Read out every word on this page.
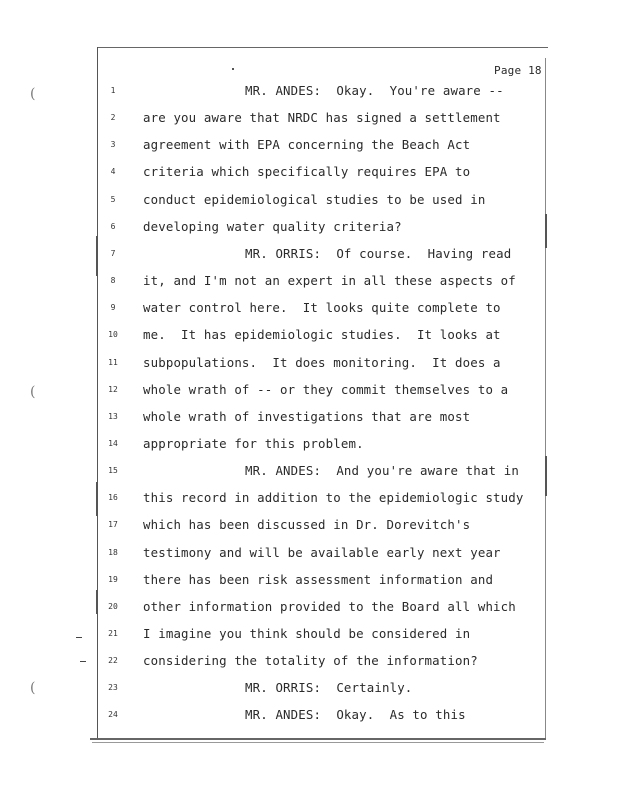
(
(
(
Page 18
1	MR. ANDES:  Okay.  You're aware --
2	are you aware that NRDC has signed a settlement
3	agreement with EPA concerning the Beach Act
4	criteria which specifically requires EPA to
5	conduct epidemiological studies to be used in
6	developing water quality criteria?
7	MR. ORRIS:  Of course.  Having read
8	it, and I'm not an expert in all these aspects of
9	water control here.  It looks quite complete to
10	me.  It has epidemiologic studies.  It looks at
11	subpopulations.  It does monitoring.  It does a
12	whole wrath of -- or they commit themselves to a
13	whole wrath of investigations that are most
14	appropriate for this problem.
15	MR. ANDES:  And you're aware that in
16	this record in addition to the epidemiologic study
17	which has been discussed in Dr. Dorevitch's
18	testimony and will be available early next year
19	there has been risk assessment information and
20	other information provided to the Board all which
21	I imagine you think should be considered in
22	considering the totality of the information?
23	MR. ORRIS:  Certainly.
24	MR. ANDES:  Okay.  As to this
